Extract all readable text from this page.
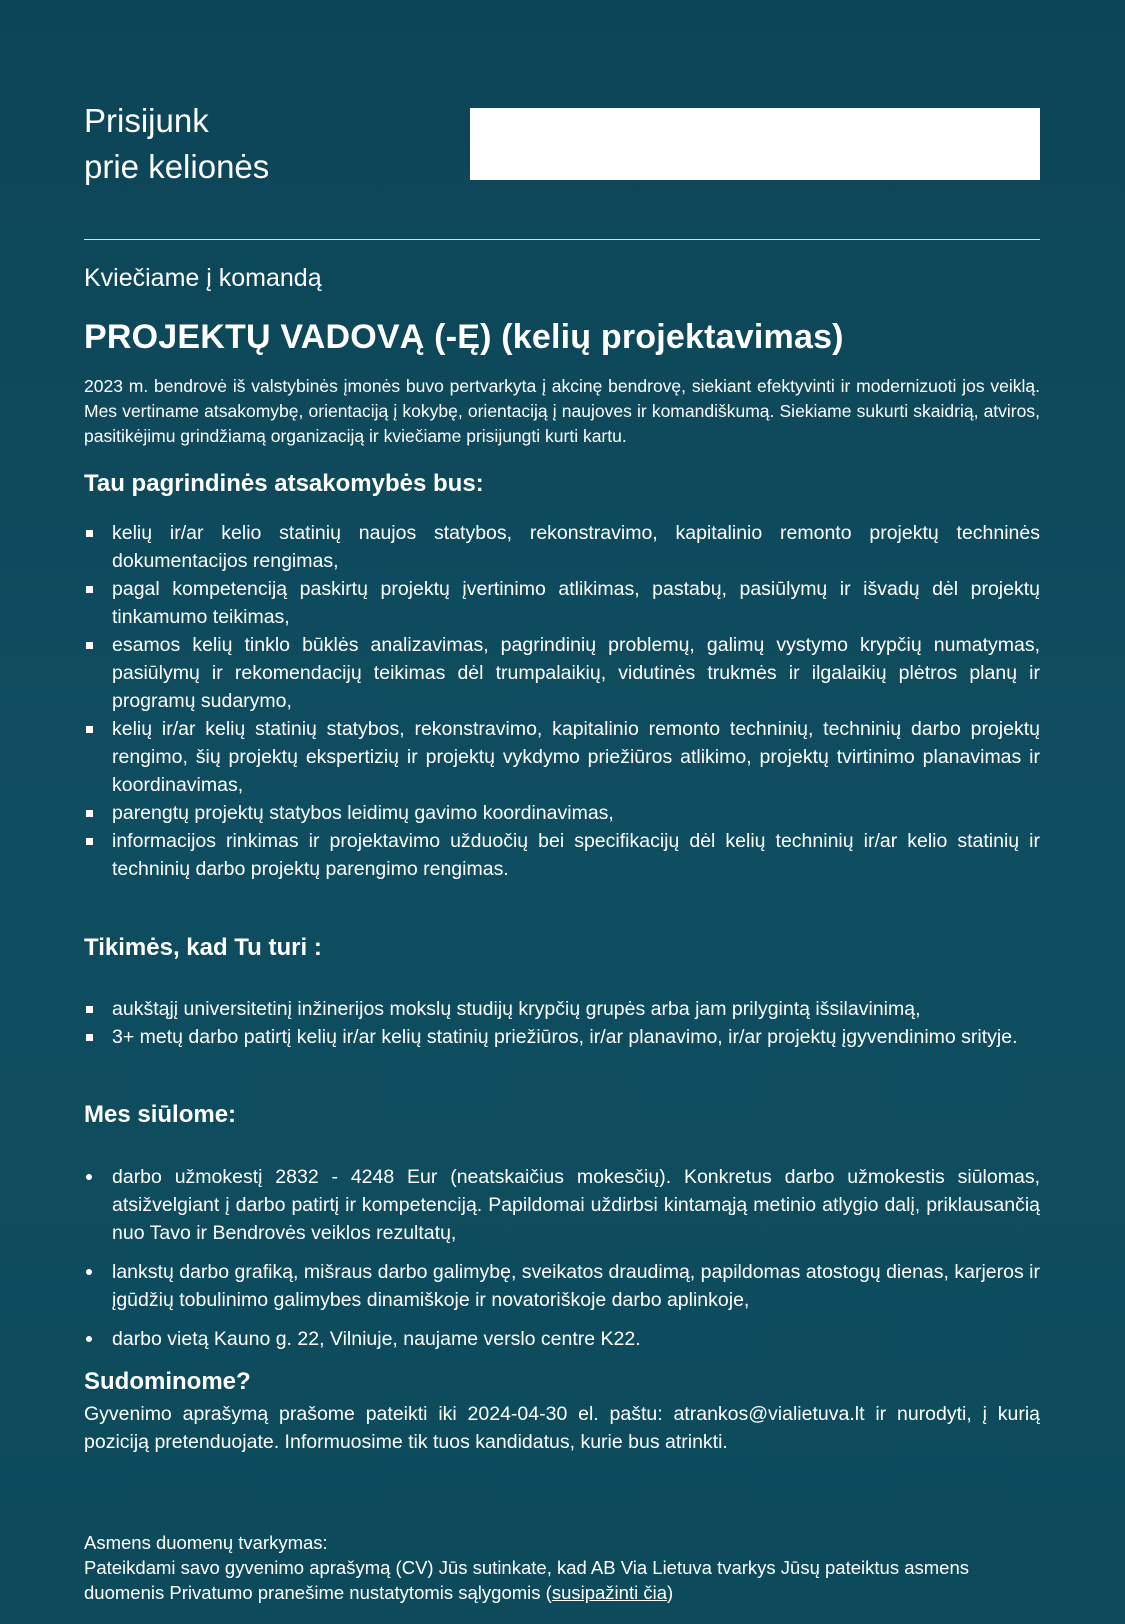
Prisijunk
prie kelionės
Kviečiame į komandą
PROJEKTŲ VADOVĄ (-Ę) (kelių projektavimas)
2023 m. bendrovė iš valstybinės įmonės buvo pertvarkyta į akcinę bendrovę, siekiant efektyvinti ir modernizuoti jos veiklą. Mes vertiname atsakomybę, orientaciją į kokybę, orientaciją į naujoves ir komandiškumą. Siekiame sukurti skaidrią, atviros, pasitikėjimu grindžiamą organizaciją ir kviečiame prisijungti kurti kartu.
Tau pagrindinės atsakomybės bus:
kelių ir/ar kelio statinių naujos statybos, rekonstravimo, kapitalinio remonto projektų techninės dokumentacijos rengimas,
pagal kompetenciją paskirtų projektų įvertinimo atlikimas, pastabų, pasiūlymų ir išvadų dėl projektų tinkamumo teikimas,
esamos kelių tinklo būklės analizavimas, pagrindinių problemų, galimų vystymo krypčių numatymas, pasiūlymų ir rekomendacijų teikimas dėl trumpalaikių, vidutinės trukmės ir ilgalaikių plėtros planų ir programų sudarymo,
kelių ir/ar kelių statinių statybos, rekonstravimo, kapitalinio remonto techninių, techninių darbo projektų rengimo, šių projektų ekspertizių ir projektų vykdymo priežiūros atlikimo, projektų tvirtinimo planavimas ir koordinavimas,
parengtų projektų statybos leidimų gavimo koordinavimas,
informacijos rinkimas ir projektavimo užduočių bei specifikacijų dėl kelių techninių ir/ar kelio statinių ir techninių darbo projektų parengimo rengimas.
Tikimės, kad Tu turi :
aukštąjį universitetinį inžinerijos mokslų studijų krypčių grupės arba jam prilygintą išsilavinimą,
3+ metų darbo patirtį kelių ir/ar kelių statinių priežiūros, ir/ar planavimo, ir/ar projektų įgyvendinimo srityje.
Mes siūlome:
darbo užmokestį 2832 - 4248 Eur (neatskaičius mokesčių). Konkretus darbo užmokestis siūlomas, atsižvelgiant į darbo patirtį ir kompetenciją. Papildomai uždirbsi kintamąją metinio atlygio dalį, priklausančią nuo Tavo ir Bendrovės veiklos rezultatų,
lankstų darbo grafiką, mišraus darbo galimybę, sveikatos draudimą, papildomas atostogų dienas, karjeros ir įgūdžių tobulinimo galimybes dinamiškoje ir novatoriškoje darbo aplinkoje,
darbo vietą Kauno g. 22, Vilniuje, naujame verslo centre K22.
Sudominome?
Gyvenimo aprašymą prašome pateikti iki 2024-04-30 el. paštu: atrankos@vialietuva.lt ir nurodyti, į kurią poziciją pretenduojate. Informuosime tik tuos kandidatus, kurie bus atrinkti.
Asmens duomenų tvarkymas:
Pateikdami savo gyvenimo aprašymą (CV) Jūs sutinkate, kad AB Via Lietuva tvarkys Jūsų pateiktus asmens duomenis Privatumo pranešime nustatytomis sąlygomis (susipažinti čia)
